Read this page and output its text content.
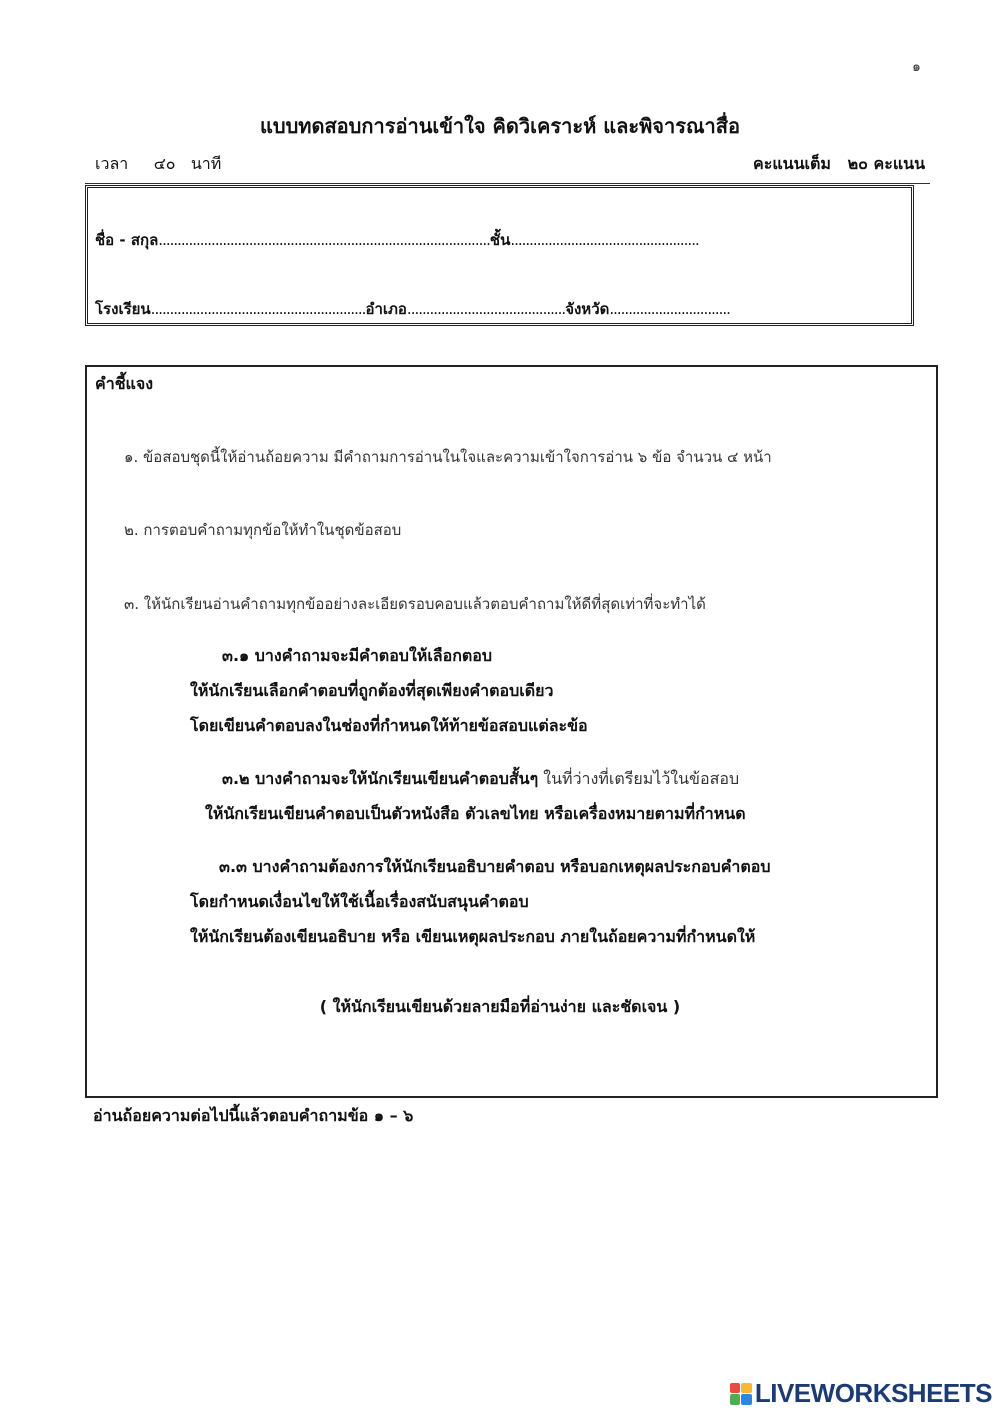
๑
แบบทดสอบการอ่านเข้าใจ คิดวิเคราะห์ และพิจารณาสื่อ
เวลา ๔๐ นาที	คะแนนเต็ม ๒๐ คะแนน
ชื่อ - สกุล........................................................................................ชั้น..................................................
โรงเรียน.........................................................อำเภอ..........................................จังหวัด................................
คำชี้แจง
๑. ข้อสอบชุดนี้ให้อ่านถ้อยความ มีคำถามการอ่านในใจและความเข้าใจการอ่าน ๖ ข้อ จำนวน ๔ หน้า
๒. การตอบคำถามทุกข้อให้ทำในชุดข้อสอบ
๓. ให้นักเรียนอ่านคำถามทุกข้ออย่างละเอียดรอบคอบแล้วตอบคำถามให้ดีที่สุดเท่าที่จะทำได้
๓.๑ บางคำถามจะมีคำตอบให้เลือกตอบ
ให้นักเรียนเลือกคำตอบที่ถูกต้องที่สุดเพียงคำตอบเดียว
โดยเขียนคำตอบลงในช่องที่กำหนดให้ท้ายข้อสอบแต่ละข้อ
๓.๒ บางคำถามจะให้นักเรียนเขียนคำตอบสั้นๆ ในที่ว่างที่เตรียมไว้ในข้อสอบ
ให้นักเรียนเขียนคำตอบเป็นตัวหนังสือ ตัวเลขไทย หรือเครื่องหมายตามที่กำหนด
๓.๓ บางคำถามต้องการให้นักเรียนอธิบายคำตอบ หรือบอกเหตุผลประกอบคำตอบ
โดยกำหนดเงื่อนไขให้ใช้เนื้อเรื่องสนับสนุนคำตอบ
ให้นักเรียนต้องเขียนอธิบาย หรือ เขียนเหตุผลประกอบ ภายในถ้อยความที่กำหนดให้
( ให้นักเรียนเขียนด้วยลายมือที่อ่านง่าย และชัดเจน )
อ่านถ้อยความต่อไปนี้แล้วตอบคำถามข้อ ๑ – ๖
LIVEWORKSHEETS
